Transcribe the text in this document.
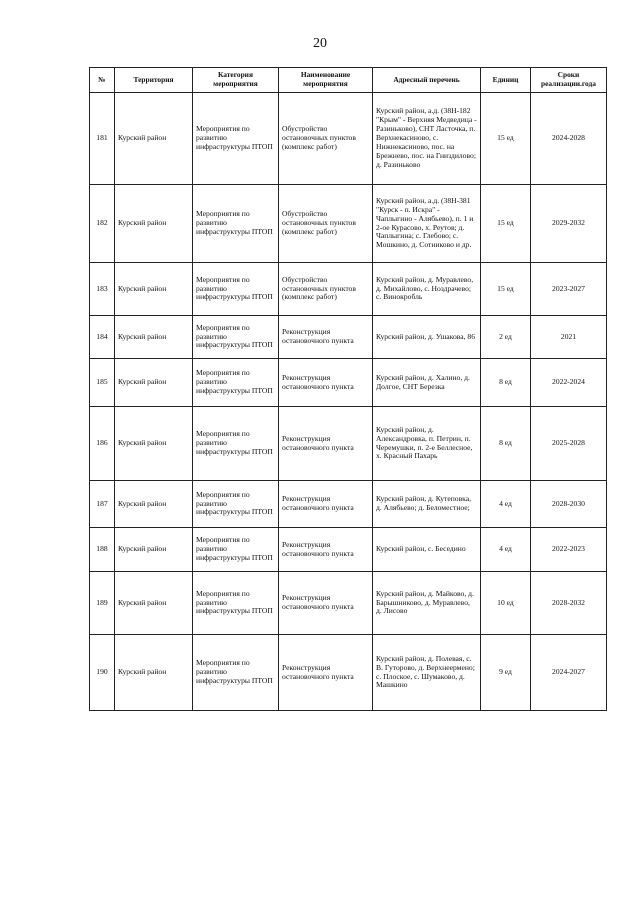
20
№	Территория	Категория мероприятия	Наименование мероприятия	Адресный перечень	Единиц	Сроки реализации.года
181	Курский район	Мероприятия по развитию инфраструктуры ПТОП	Обустройство остановочных пунктов (комплекс работ)	Курский район, а.д. (38Н-182 "Крым" - Верхняя Медведица - Разиньково), СНТ Ласточка, п. Верхнекасиново, с. Нижнекасиново, пос. на Брежнево, пос. на Гниздилово; д. Разиньково	15 ед	2024-2028
182	Курский район	Мероприятия по развитию инфраструктуры ПТОП	Обустройство остановочных пунктов (комплекс работ)	Курский район, а.д. (38Н-381 "Курск - п. Искра" - Чаплыгино - Алябьево), п. 1 и 2-ое Курасово, х. Реутов; д. Чаплыгина; с. Глебово; с. Мошкино, д. Сотниково и др.	15 ед	2029-2032
183	Курский район	Мероприятия по развитию инфраструктуры ПТОП	Обустройство остановочных пунктов (комплекс работ)	Курский район, д. Муравлево, д. Михайлово, с. Ноздрачево; с. Винокробль	15 ед	2023-2027
184	Курский район	Мероприятия по развитию инфраструктуры ПТОП	Реконструкция остановочного пункта	Курский район, д. Ушакова, 86	2 ед	2021
185	Курский район	Мероприятия по развитию инфраструктуры ПТОП	Реконструкция остановочного пункта	Курский район, д. Халино, д. Долгое, СНТ Березка	8 ед	2022-2024
186	Курский район	Мероприятия по развитию инфраструктуры ПТОП	Реконструкция остановочного пункта	Курский район, д. Александровка, п. Петрин, п. Черемушки, п. 2-е Беллесное, х. Красный Пахарь	8 ед	2025-2028
187	Курский район	Мероприятия по развитию инфраструктуры ПТОП	Реконструкция остановочного пункта	Курский район, д. Кутеповка, д. Алябьево; д. Беломестное;	4 ед	2028-2030
188	Курский район	Мероприятия по развитию инфраструктуры ПТОП	Реконструкция остановочного пункта	Курский район, с. Беседино	4 ед	2022-2023
189	Курский район	Мероприятия по развитию инфраструктуры ПТОП	Реконструкция остановочного пункта	Курский район, д. Майково, д. Барышниково, д. Муравлево, д. Лисово	10 ед	2028-2032
190	Курский район	Мероприятия по развитию инфраструктуры ПТОП	Реконструкция остановочного пункта	Курский район, д. Полевая, с. В. Гуторово, д. Верхнеермено; с. Плоское, с. Шумаково, д. Машкино	9 ед	2024-2027
